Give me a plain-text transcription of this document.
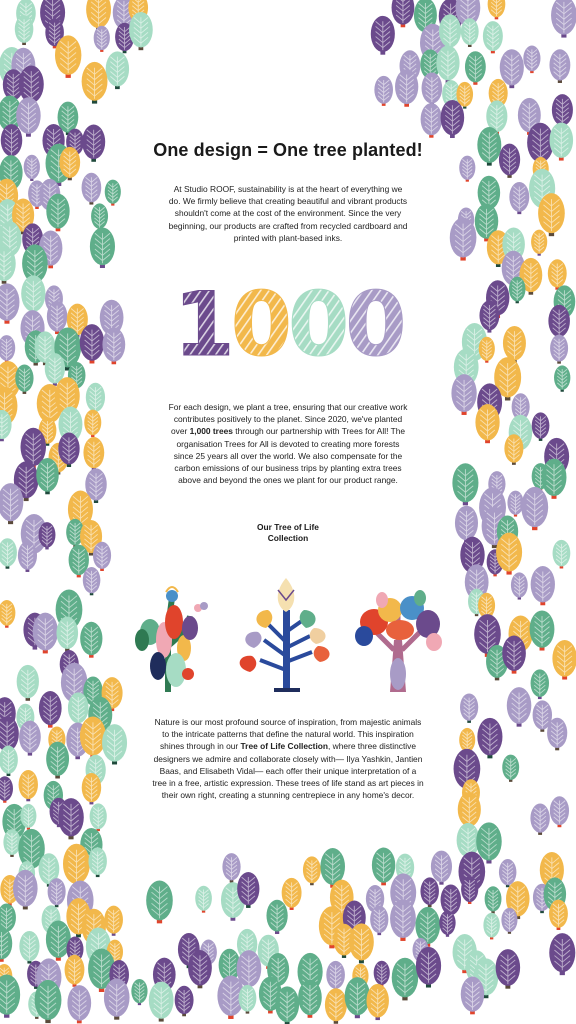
One design = One tree planted!
At Studio ROOF, sustainability is at the heart of everything we do. We firmly believe that creating beautiful and vibrant products shouldn't come at the cost of the environment. Since the very beginning, our products are crafted from recycled cardboard and printed with plant-based inks.
1000
For each design, we plant a tree, ensuring that our creative work contributes positively to the planet. Since 2020, we've planted over 1,000 trees through our partnership with Trees for All! The organisation Trees for All is devoted to creating more forests since 25 years all over the world. We also compensate for the carbon emissions of our business trips by planting extra trees above and beyond the ones we plant for our product range.
Our Tree of Life
Collection
Nature is our most profound source of inspiration, from majestic animals to the intricate patterns that define the natural world. This inspiration shines through in our Tree of Life Collection, where three distinctive designers we admire and collaborate closely with— Ilya Yashkin, Jantien Baas, and Elisabeth Vidal— each offer their unique interpretation of a tree in a free, artistic expression. These trees of life stand as art pieces in their own right, creating a stunning centrepiece in any home's decor.
